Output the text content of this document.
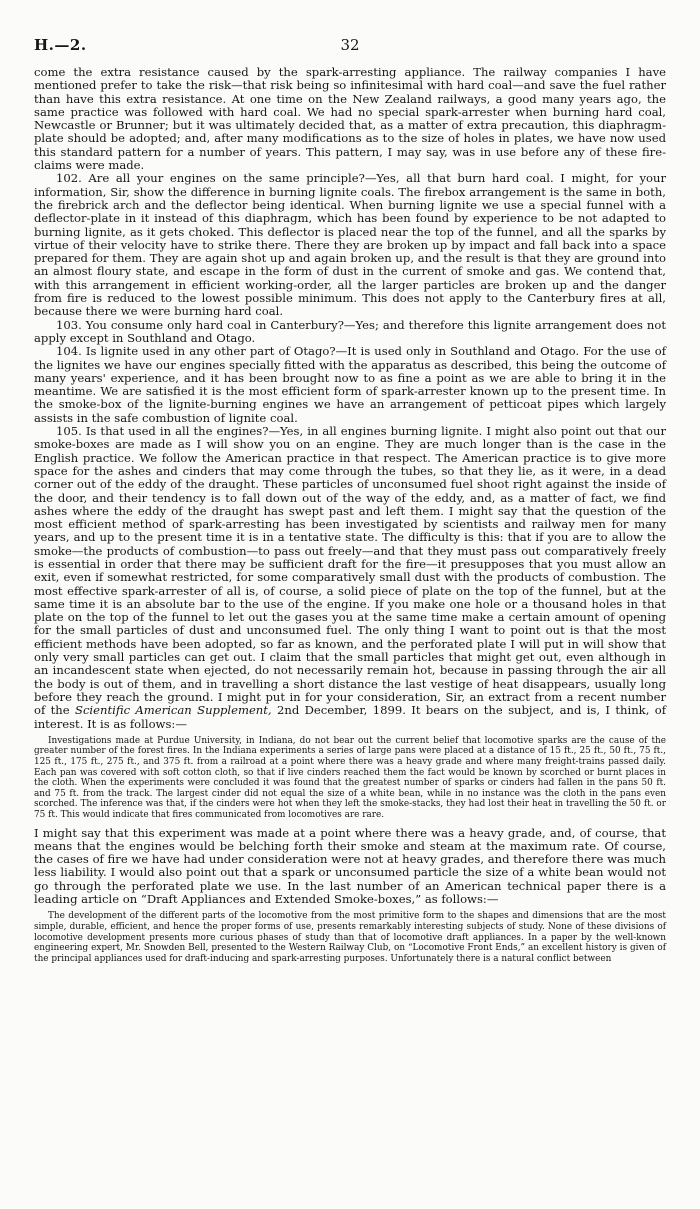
H.—2.	32

come the extra resistance caused by the spark-arresting appliance. The railway companies I have mentioned prefer to take the risk—that risk being so infinitesimal with hard coal—and save the fuel rather than have this extra resistance. At one time on the New Zealand railways, a good many years ago, the same practice was followed with hard coal. We had no special spark-arrester when burning hard coal, Newcastle or Brunner; but it was ultimately decided that, as a matter of extra precaution, this diaphragm-plate should be adopted; and, after many modifications as to the size of holes in plates, we have now used this standard pattern for a number of years. This pattern, I may say, was in use before any of these fire-claims were made.

102. Are all your engines on the same principle?—Yes, all that burn hard coal. I might, for your information, Sir, show the difference in burning lignite coals. The firebox arrangement is the same in both, the firebrick arch and the deflector being identical. When burning lignite we use a special funnel with a deflector-plate in it instead of this diaphragm, which has been found by experience to be not adapted to burning lignite, as it gets choked. This deflector is placed near the top of the funnel, and all the sparks by virtue of their velocity have to strike there. There they are broken up by impact and fall back into a space prepared for them. They are again shot up and again broken up, and the result is that they are ground into an almost floury state, and escape in the form of dust in the current of smoke and gas. We contend that, with this arrangement in efficient working-order, all the larger particles are broken up and the danger from fire is reduced to the lowest possible minimum. This does not apply to the Canterbury fires at all, because there we were burning hard coal.

103. You consume only hard coal in Canterbury?—Yes; and therefore this lignite arrangement does not apply except in Southland and Otago.

104. Is lignite used in any other part of Otago?—It is used only in Southland and Otago. For the use of the lignites we have our engines specially fitted with the apparatus as described, this being the outcome of many years' experience, and it has been brought now to as fine a point as we are able to bring it in the meantime. We are satisfied it is the most efficient form of spark-arrester known up to the present time. In the smoke-box of the lignite-burning engines we have an arrangement of petticoat pipes which largely assists in the safe combustion of lignite coal.

105. Is that used in all the engines?—Yes, in all engines burning lignite. I might also point out that our smoke-boxes are made as I will show you on an engine. They are much longer than is the case in the English practice. We follow the American practice in that respect. The American practice is to give more space for the ashes and cinders that may come through the tubes, so that they lie, as it were, in a dead corner out of the eddy of the draught. These particles of unconsumed fuel shoot right against the inside of the door, and their tendency is to fall down out of the way of the eddy, and, as a matter of fact, we find ashes where the eddy of the draught has swept past and left them. I might say that the question of the most efficient method of spark-arresting has been investigated by scientists and railway men for many years, and up to the present time it is in a tentative state. The difficulty is this: that if you are to allow the smoke—the products of combustion—to pass out freely—and that they must pass out comparatively freely is essential in order that there may be sufficient draft for the fire—it presupposes that you must allow an exit, even if somewhat restricted, for some comparatively small dust with the products of combustion. The most effective spark-arrester of all is, of course, a solid piece of plate on the top of the funnel, but at the same time it is an absolute bar to the use of the engine. If you make one hole or a thousand holes in that plate on the top of the funnel to let out the gases you at the same time make a certain amount of opening for the small particles of dust and unconsumed fuel. The only thing I want to point out is that the most efficient methods have been adopted, so far as known, and the perforated plate I will put in will show that only very small particles can get out. I claim that the small particles that might get out, even although in an incandescent state when ejected, do not necessarily remain hot, because in passing through the air all the body is out of them, and in travelling a short distance the last vestige of heat disappears, usually long before they reach the ground. I might put in for your consideration, Sir, an extract from a recent number of the Scientific American Supplement, 2nd December, 1899. It bears on the subject, and is, I think, of interest. It is as follows:—

Investigations made at Purdue University, in Indiana, do not bear out the current belief that locomotive sparks are the cause of the greater number of the forest fires. In the Indiana experiments a series of large pans were placed at a distance of 15 ft., 25 ft., 50 ft., 75 ft., 125 ft., 175 ft., 275 ft., and 375 ft. from a railroad at a point where there was a heavy grade and where many freight-trains passed daily. Each pan was covered with soft cotton cloth, so that if live cinders reached them the fact would be known by scorched or burnt places in the cloth. When the experiments were concluded it was found that the greatest number of sparks or cinders had fallen in the pans 50 ft. and 75 ft. from the track. The largest cinder did not equal the size of a white bean, while in no instance was the cloth in the pans even scorched. The inference was that, if the cinders were hot when they left the smoke-stacks, they had lost their heat in travelling the 50 ft. or 75 ft. This would indicate that fires communicated from locomotives are rare.

I might say that this experiment was made at a point where there was a heavy grade, and, of course, that means that the engines would be belching forth their smoke and steam at the maximum rate. Of course, the cases of fire we have had under consideration were not at heavy grades, and therefore there was much less liability. I would also point out that a spark or unconsumed particle the size of a white bean would not go through the perforated plate we use. In the last number of an American technical paper there is a leading article on “Draft Appliances and Extended Smoke-boxes,” as follows:—

The development of the different parts of the locomotive from the most primitive form to the shapes and dimensions that are the most simple, durable, efficient, and hence the proper forms of use, presents remarkably interesting subjects of study. None of these divisions of locomotive development presents more curious phases of study than that of locomotive draft appliances. In a paper by the well-known engineering expert, Mr. Snowden Bell, presented to the Western Railway Club, on “Locomotive Front Ends,” an excellent history is given of the principal appliances used for draft-inducing and spark-arresting purposes. Unfortunately there is a natural conflict between
